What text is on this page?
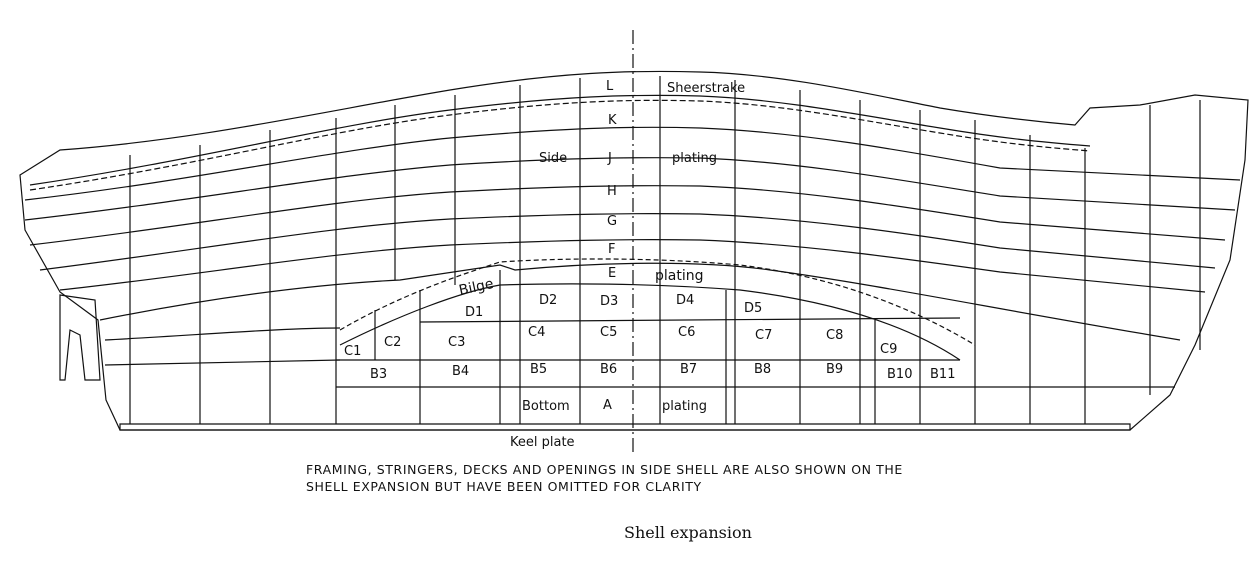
L
K
J
H
G
F
E
D3
C5
B6
A
Sheerstrake
Side	plating
Bilge
plating
Bottom	plating
Keel plate
D1
D2	D4
D5
C1
C2	C3
C4	C6	C7	C8
C9
B3	B4	B5	B7	B8	B9	B10 B11
FRAMING, STRINGERS, DECKS AND OPENINGS IN SIDE SHELL ARE ALSO SHOWN ON THE
SHELL EXPANSION BUT HAVE BEEN OMITTED FOR CLARITY
Shell expansion
